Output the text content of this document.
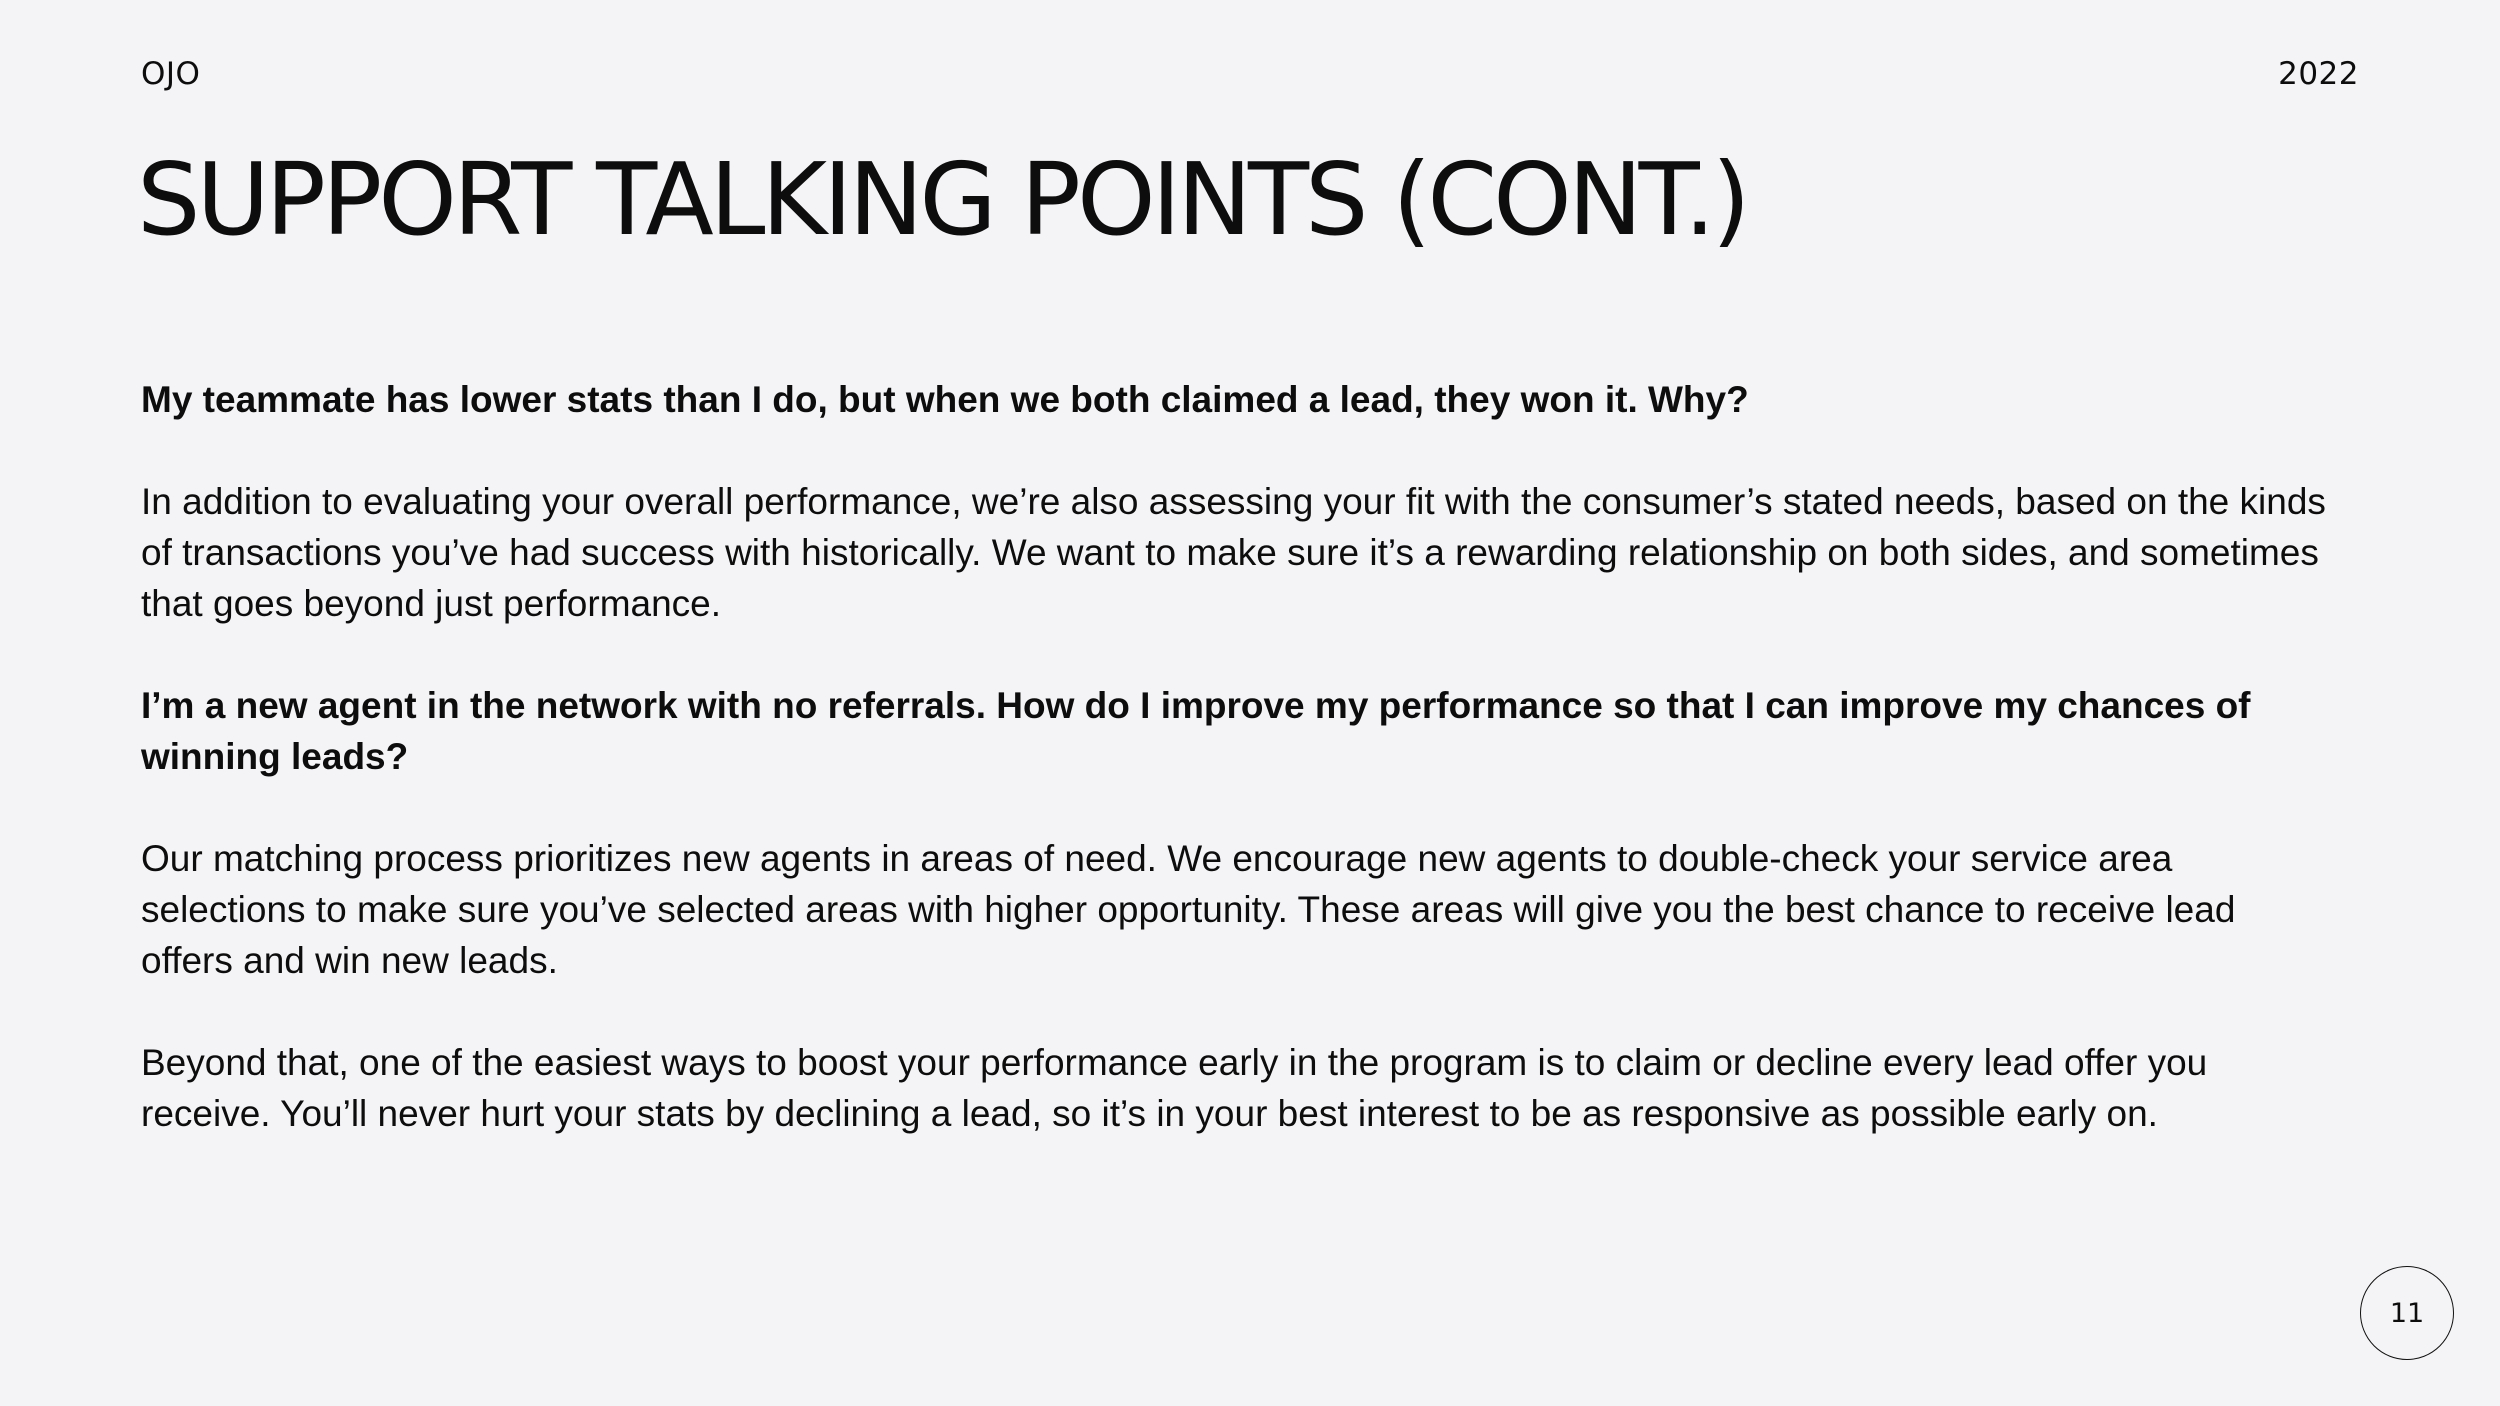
OJO	2022
SUPPORT TALKING POINTS (CONT.)

My teammate has lower stats than I do, but when we both claimed a lead, they won it. Why?

In addition to evaluating your overall performance, we’re also assessing your fit with the consumer’s stated needs, based on the kinds of transactions you’ve had success with historically. We want to make sure it’s a rewarding relationship on both sides, and sometimes that goes beyond just performance.

I’m a new agent in the network with no referrals. How do I improve my performance so that I can improve my chances of winning leads?

Our matching process prioritizes new agents in areas of need. We encourage new agents to double-check your service area selections to make sure you’ve selected areas with higher opportunity. These areas will give you the best chance to receive lead offers and win new leads.

Beyond that, one of the easiest ways to boost your performance early in the program is to claim or decline every lead offer you receive. You’ll never hurt your stats by declining a lead, so it’s in your best interest to be as responsive as possible early on.

11
